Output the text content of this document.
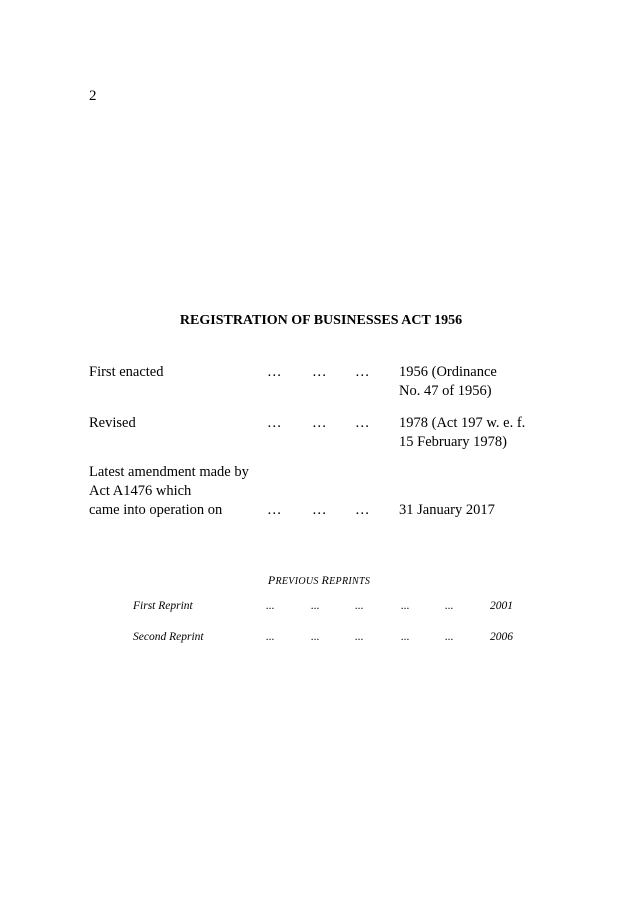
2
REGISTRATION OF BUSINESSES ACT 1956
First enacted	… … … 1956 (Ordinance
No. 47 of 1956)
Revised	… … … 1978 (Act 197 w. e. f.
15 February 1978)
Latest amendment made by
Act A1476 which
came into operation on	… … … 31 January 2017
PREVIOUS REPRINTS
First Reprint	...	...	...	...	...	2001
Second Reprint	...	...	...	...	...	2006
